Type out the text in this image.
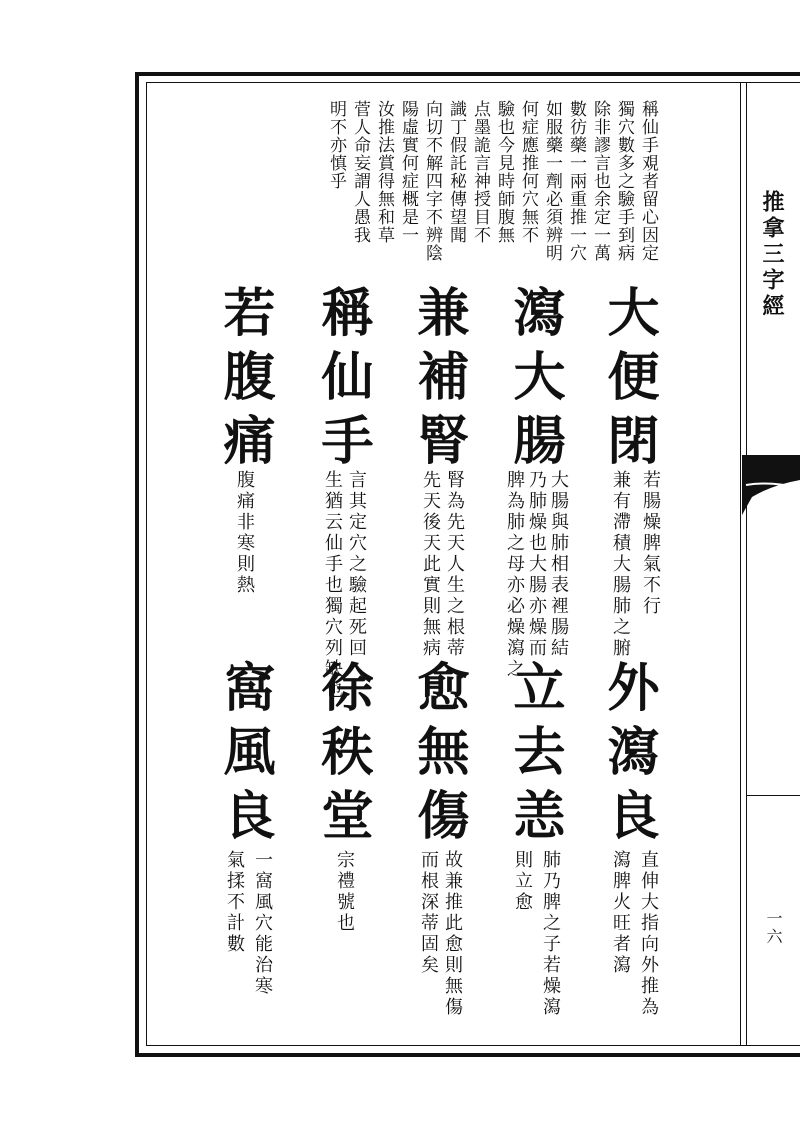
推拿三字經
一六
稱仙手覌者留心因定
獨穴數多之驗手到病
除非謬言也余定一萬
數彷藥一兩重推一穴
如服藥一劑必須辨明
何症應推何穴無不
驗也今見時師腹無
点墨詭言神授目不
識丁假託秘傳望聞
向切不解四字不辨陰
陽虛實何症概是一
汝推法賞得無和草
菅人命妄謂人愚我
明不亦慎乎
大便閉
若腸燥脾氣不行
兼有滯積大腸肺之腑
瀉大腸
大腸與肺相表裡腸結
乃肺燥也大腸亦燥而
脾為肺之母亦必燥瀉之
兼補腎
腎為先天人生之根蒂
先天後天此實則無病
稱仙手
言其定穴之驗起死回
生猶云仙手也獨穴列缺也
若腹痛
腹痛非寒則熱
外瀉良
直伸大指向外推為
瀉脾火旺者瀉
立去恙
肺乃脾之子若燥瀉
則立愈
愈無傷
故兼推此愈則無傷
而根深蒂固矣
徐秩堂
宗禮號也
窩風良
一窩風穴能治寒
氣揉不計數
